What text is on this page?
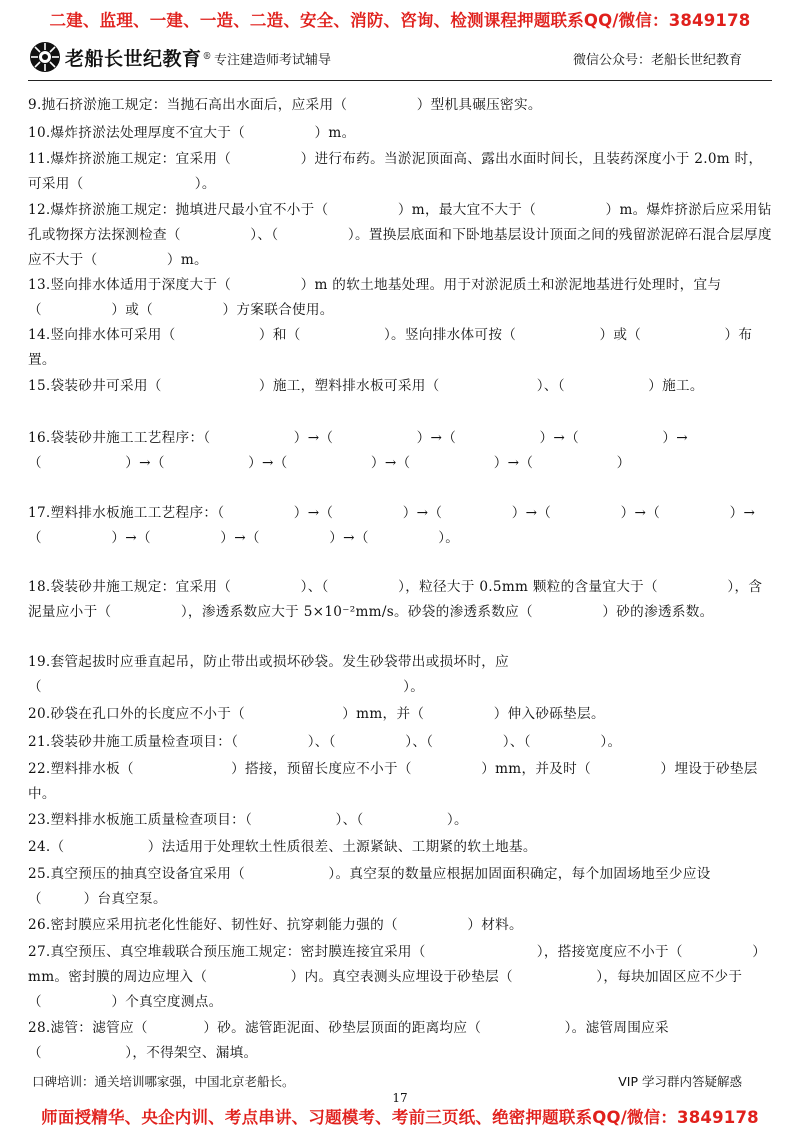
二建、监理、一建、一造、二造、安全、消防、咨询、检测课程押题联系QQ/微信：3849178
老船长世纪教育 ® 专注建造师考试辅导	微信公众号：老船长世纪教育
9.抛石挤淤施工规定：当抛石高出水面后，应采用（　　　　　）型机具碾压密实。
10.爆炸挤淤法处理厚度不宜大于（　　　　　）m。
11.爆炸挤淤施工规定：宜采用（　　　　　）进行布药。当淤泥顶面高、露出水面时间长，且装药深度小于 2.0m 时，可采用（　　　　　　　　）。
12.爆炸挤淤施工规定：抛填进尺最小宜不小于（　　　　　）m，最大宜不大于（　　　　　）m。爆炸挤淤后应采用钻孔或物探方法探测检查（　　　　　）、（　　　　　）。置换层底面和下卧地基层设计顶面之间的残留淤泥碎石混合层厚度应不大于（　　　　　）m。
13.竖向排水体适用于深度大于（　　　　　）m 的软土地基处理。用于对淤泥质土和淤泥地基进行处理时，宜与（　　　　　）或（　　　　　）方案联合使用。
14.竖向排水体可采用（　　　　　　）和（　　　　　　）。竖向排水体可按（　　　　　　）或（　　　　　　）布置。
15.袋装砂井可采用（　　　　　　　）施工，塑料排水板可采用（　　　　　　　）、（　　　　　　）施工。
16.袋装砂井施工工艺程序：（　　　　　　）→（　　　　　　）→（　　　　　　）→（　　　　　　）→（　　　　　　）→（　　　　　　）→（　　　　　　）→（　　　　　　）→（　　　　　　）
17.塑料排水板施工工艺程序：（　　　　　）→（　　　　　）→（　　　　　）→（　　　　　）→（　　　　　）→（　　　　　）→（　　　　　）→（　　　　　）→（　　　　　）。
18.袋装砂井施工规定：宜采用（　　　　　）、（　　　　　），粒径大于 0.5mm 颗粒的含量宜大于（　　　　　），含泥量应小于（　　　　　），渗透系数应大于 5×10⁻²mm/s。砂袋的渗透系数应（　　　　　）砂的渗透系数。
19.套管起拔时应垂直起吊，防止带出或损坏砂袋。发生砂袋带出或损坏时，应（　　　　　　　　　　　　　　　　　　　　　　　　　　）。
20.砂袋在孔口外的长度应不小于（　　　　　　　）mm，并（　　　　　）伸入砂砾垫层。
21.袋装砂井施工质量检查项目：（　　　　　）、（　　　　　）、（　　　　　）、（　　　　　）。
22.塑料排水板（　　　　　　　）搭接，预留长度应不小于（　　　　　）mm，并及时（　　　　　）埋设于砂垫层中。
23.塑料排水板施工质量检查项目：（　　　　　　）、（　　　　　　）。
24.（　　　　　　）法适用于处理软土性质很差、土源紧缺、工期紧的软土地基。
25.真空预压的抽真空设备宜采用（　　　　　　）。真空泵的数量应根据加固面积确定，每个加固场地至少应设（　　　）台真空泵。
26.密封膜应采用抗老化性能好、韧性好、抗穿刺能力强的（　　　　　）材料。
27.真空预压、真空堆载联合预压施工规定：密封膜连接宜采用（　　　　　　　　），搭接宽度应不小于（　　　　　）mm。密封膜的周边应埋入（　　　　　　）内。真空表测头应埋设于砂垫层（　　　　　　），每块加固区应不少于（　　　　　）个真空度测点。
28.滤管：滤管应（　　　　）砂。滤管距泥面、砂垫层顶面的距离均应（　　　　　　）。滤管周围应采（　　　　　　），不得架空、漏填。
口碑培训：通关培训哪家强，中国北京老船长。	VIP 学习群内答疑解惑
17
师面授精华、央企内训、考点串讲、习题模考、考前三页纸、绝密押题联系QQ/微信：3849178
